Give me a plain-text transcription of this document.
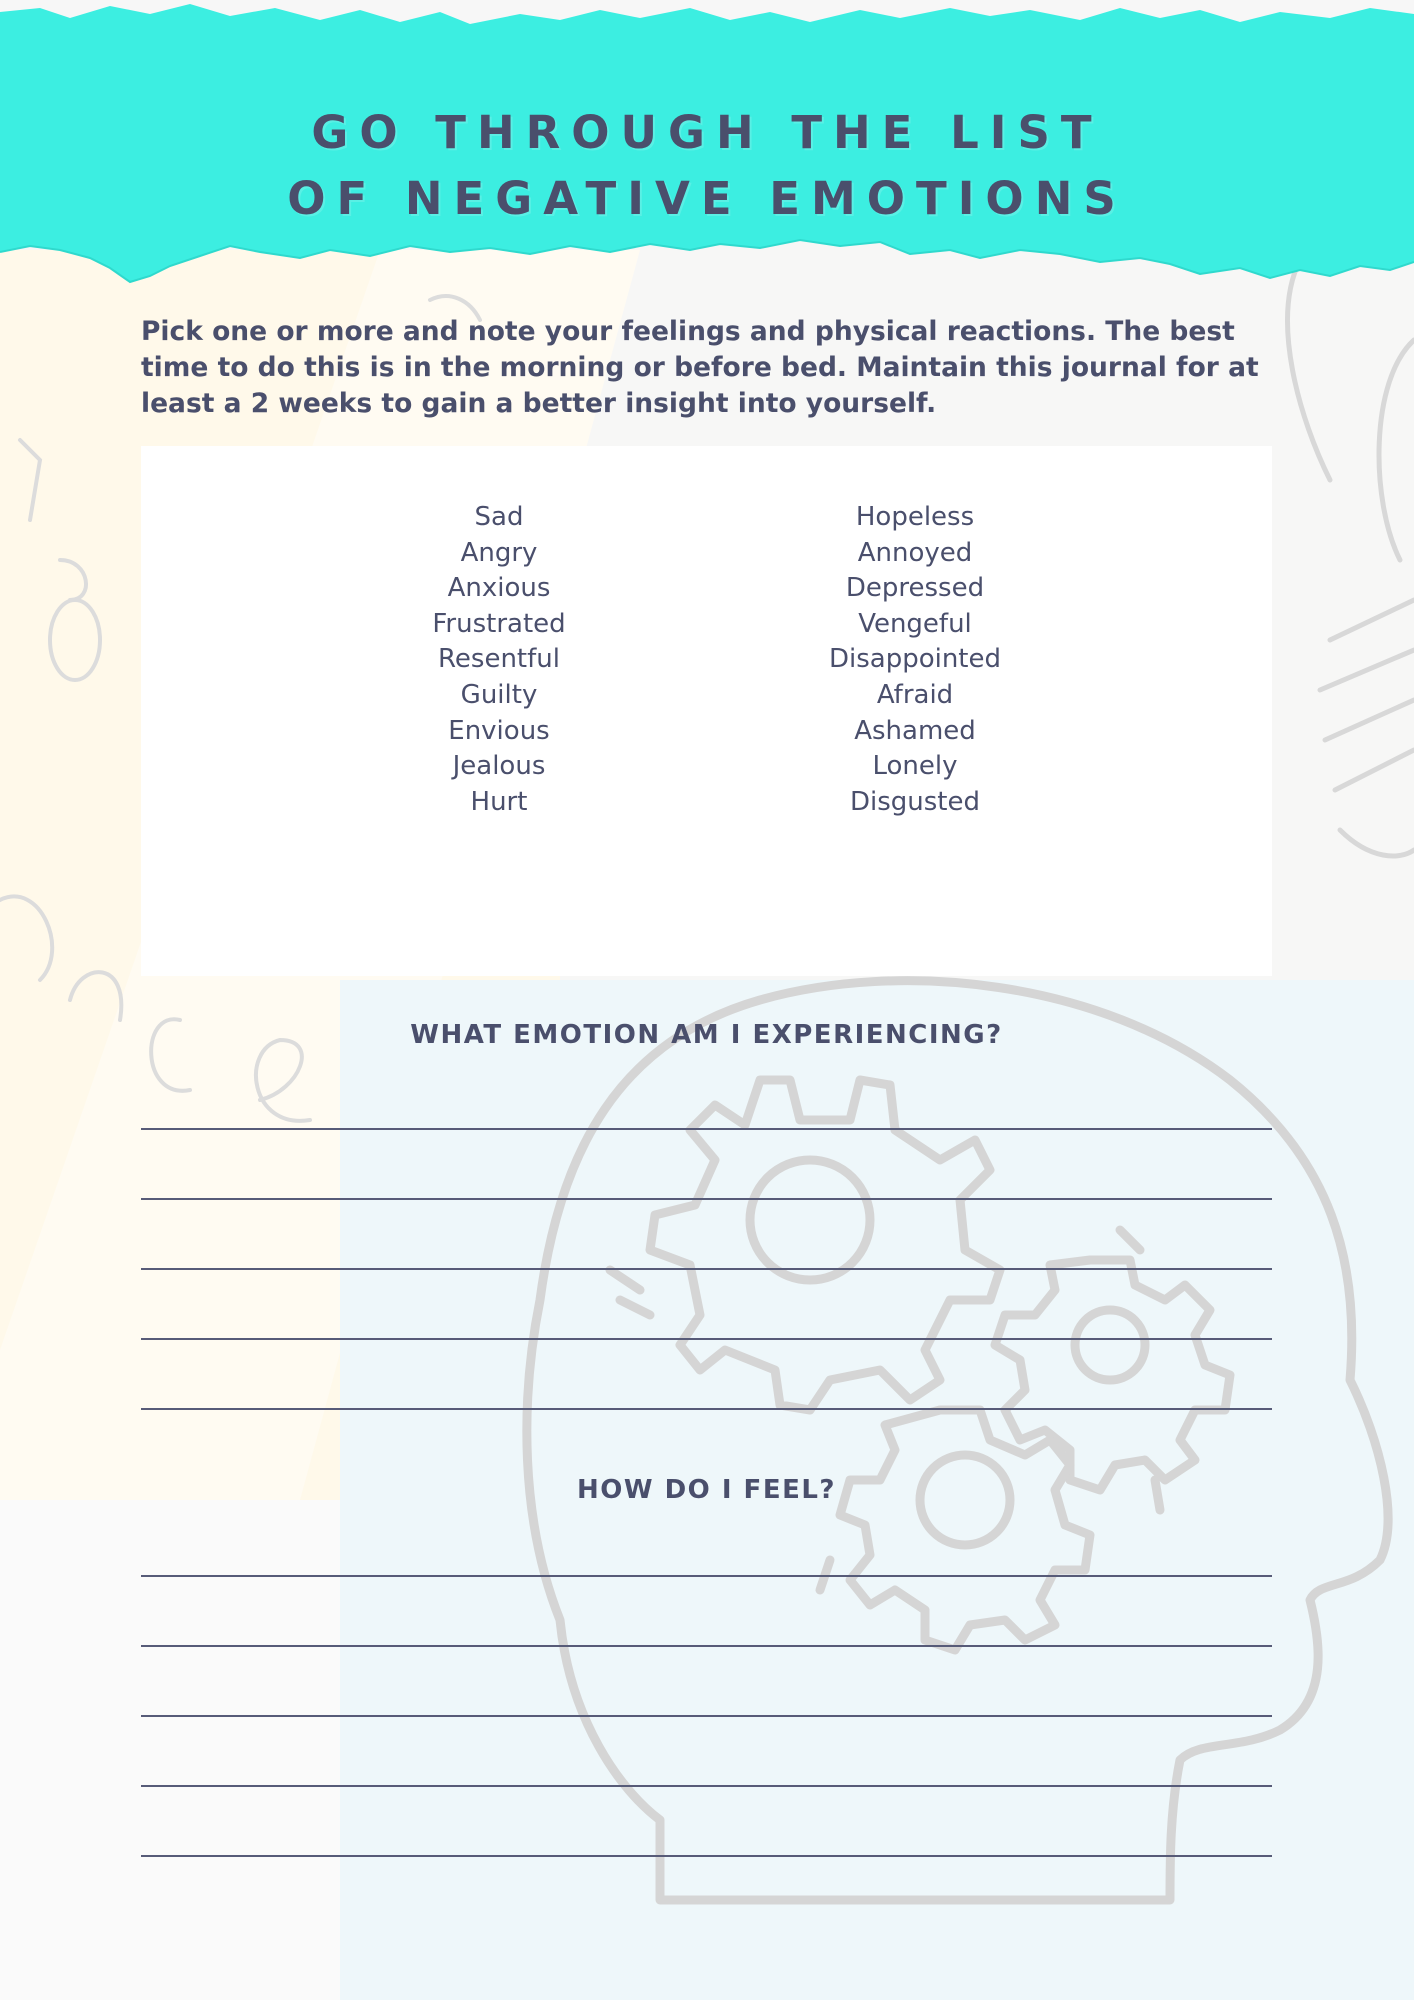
GO THROUGH THE LIST
OF NEGATIVE EMOTIONS

Pick one or more and note your feelings and physical reactions. The best time to do this is in the morning or before bed. Maintain this journal for at least a 2 weeks to gain a better insight into yourself.

Sad
Angry
Anxious
Frustrated
Resentful
Guilty
Envious
Jealous
Hurt
Hopeless
Annoyed
Depressed
Vengeful
Disappointed
Afraid
Ashamed
Lonely
Disgusted
WHAT EMOTION AM I EXPERIENCING?
HOW DO I FEEL?
